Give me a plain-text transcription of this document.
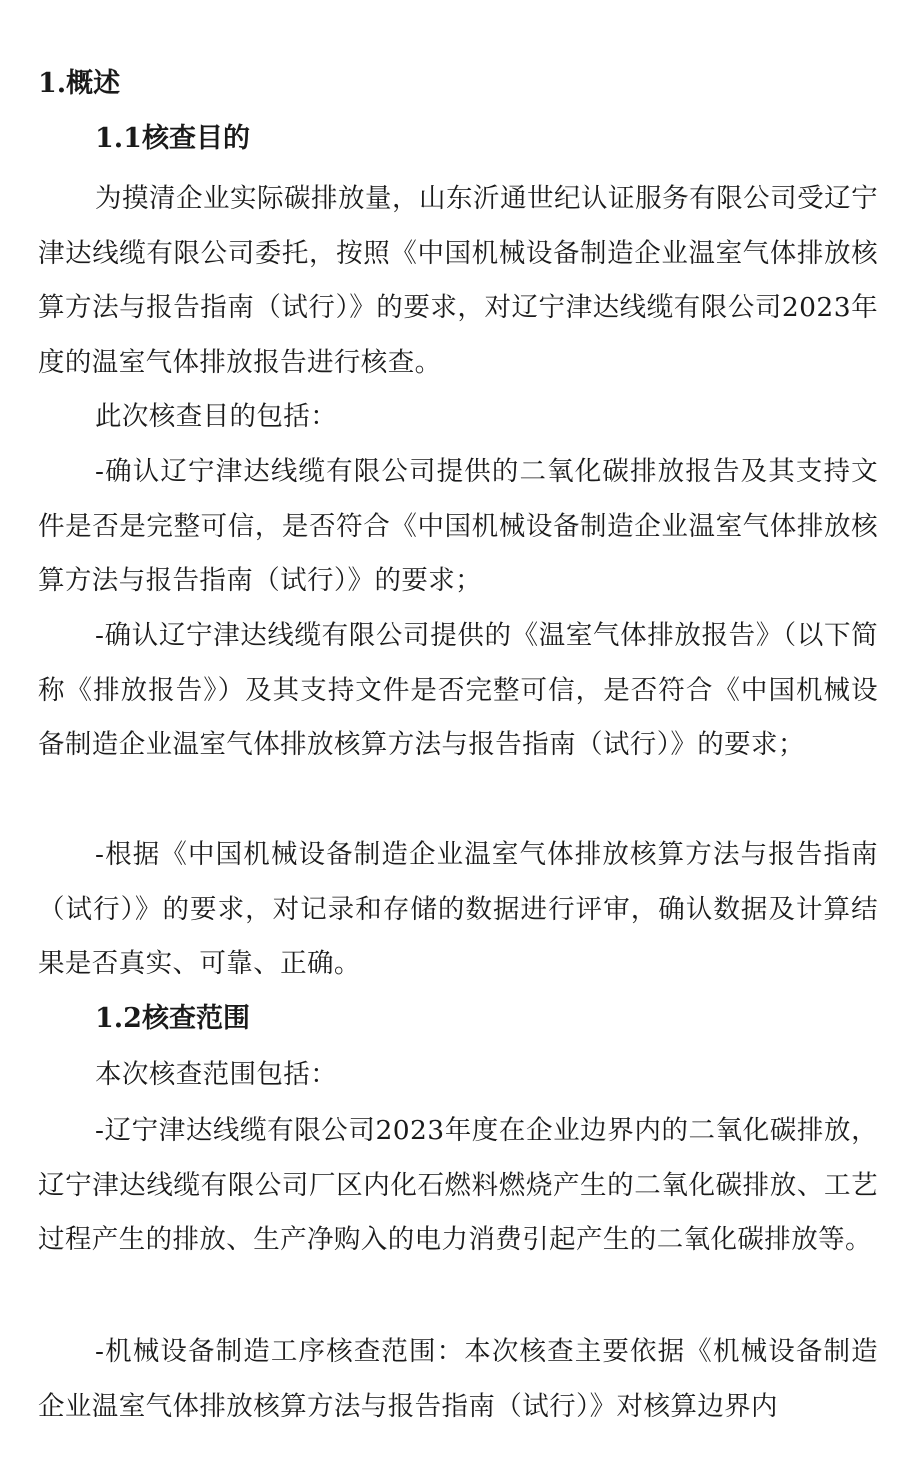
1.概述
1.1核查目的

为摸清企业实际碳排放量，山东沂通世纪认证服务有限公司受辽宁津达线缆有限公司委托，按照《中国机械设备制造企业温室气体排放核算方法与报告指南（试行）》的要求，对辽宁津达线缆有限公司2023年度的温室气体排放报告进行核查。

此次核查目的包括：

-确认辽宁津达线缆有限公司提供的二氧化碳排放报告及其支持文件是否是完整可信，是否符合《中国机械设备制造企业温室气体排放核算方法与报告指南（试行）》的要求；

-确认辽宁津达线缆有限公司提供的《温室气体排放报告》（以下简称《排放报告》）及其支持文件是否完整可信，是否符合《中国机械设备制造企业温室气体排放核算方法与报告指南（试行）》的要求；

-根据《中国机械设备制造企业温室气体排放核算方法与报告指南（试行）》的要求，对记录和存储的数据进行评审，确认数据及计算结果是否真实、可靠、正确。

1.2核查范围

本次核查范围包括：

-辽宁津达线缆有限公司2023年度在企业边界内的二氧化碳排放，辽宁津达线缆有限公司厂区内化石燃料燃烧产生的二氧化碳排放、工艺过程产生的排放、生产净购入的电力消费引起产生的二氧化碳排放等。

-机械设备制造工序核查范围：本次核查主要依据《机械设备制造企业温室气体排放核算方法与报告指南（试行）》对核算边界内
